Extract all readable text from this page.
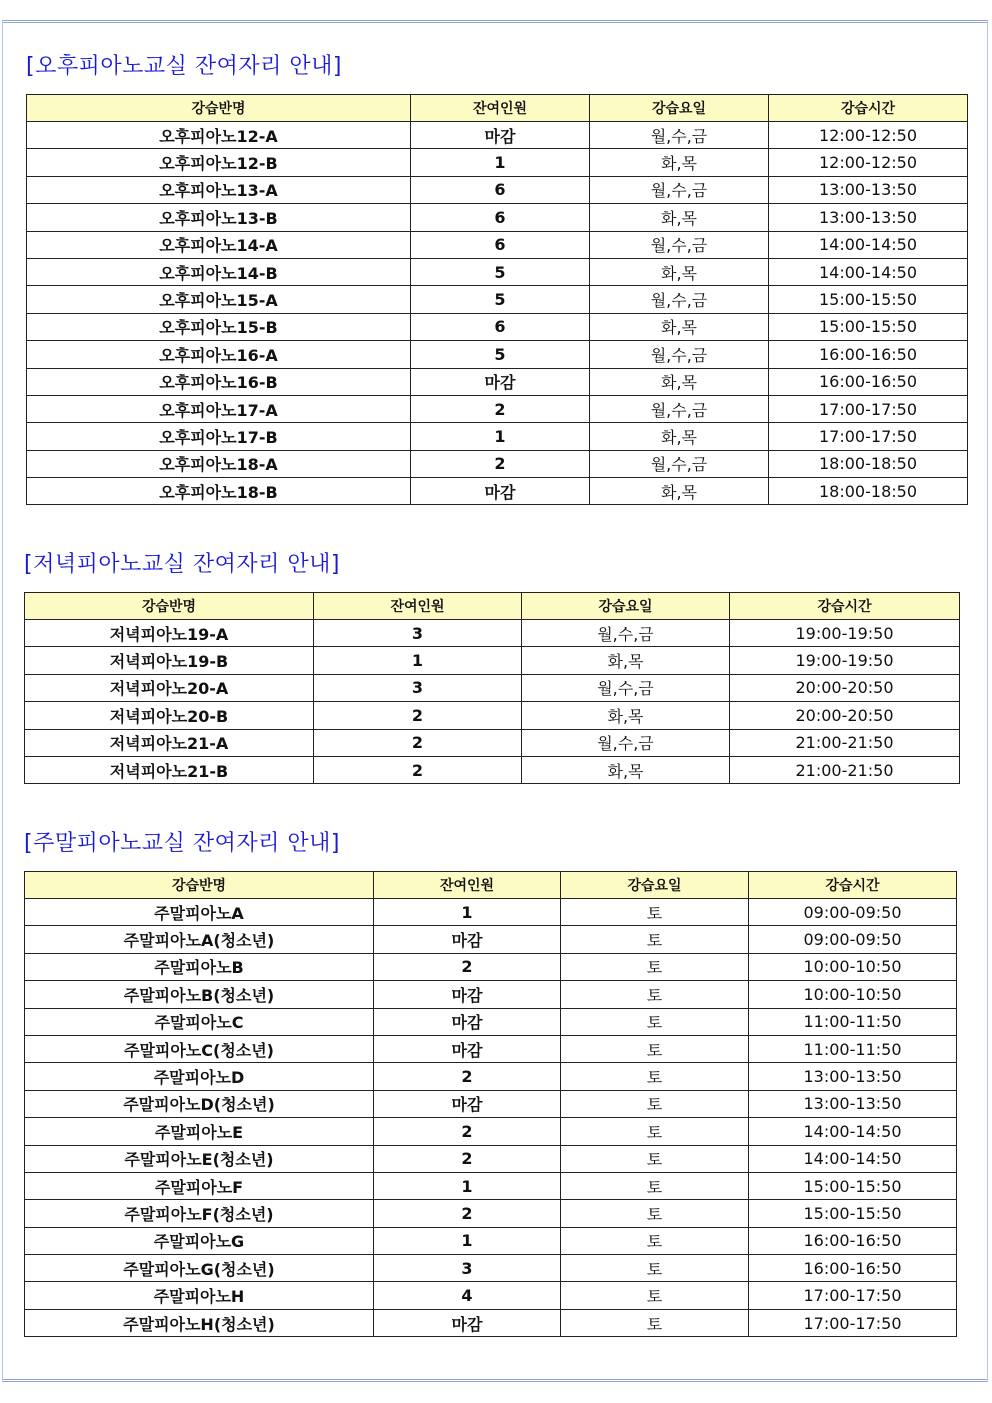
[오후피아노교실 잔여자리 안내]
강습반명	잔여인원	강습요일	강습시간
오후피아노12-A	마감	월,수,금	12:00-12:50
오후피아노12-B	1	화,목	12:00-12:50
오후피아노13-A	6	월,수,금	13:00-13:50
오후피아노13-B	6	화,목	13:00-13:50
오후피아노14-A	6	월,수,금	14:00-14:50
오후피아노14-B	5	화,목	14:00-14:50
오후피아노15-A	5	월,수,금	15:00-15:50
오후피아노15-B	6	화,목	15:00-15:50
오후피아노16-A	5	월,수,금	16:00-16:50
오후피아노16-B	마감	화,목	16:00-16:50
오후피아노17-A	2	월,수,금	17:00-17:50
오후피아노17-B	1	화,목	17:00-17:50
오후피아노18-A	2	월,수,금	18:00-18:50
오후피아노18-B	마감	화,목	18:00-18:50
[저녁피아노교실 잔여자리 안내]
강습반명	잔여인원	강습요일	강습시간
저녁피아노19-A	3	월,수,금	19:00-19:50
저녁피아노19-B	1	화,목	19:00-19:50
저녁피아노20-A	3	월,수,금	20:00-20:50
저녁피아노20-B	2	화,목	20:00-20:50
저녁피아노21-A	2	월,수,금	21:00-21:50
저녁피아노21-B	2	화,목	21:00-21:50
[주말피아노교실 잔여자리 안내]
강습반명	잔여인원	강습요일	강습시간
주말피아노A	1	토	09:00-09:50
주말피아노A(청소년)	마감	토	09:00-09:50
주말피아노B	2	토	10:00-10:50
주말피아노B(청소년)	마감	토	10:00-10:50
주말피아노C	마감	토	11:00-11:50
주말피아노C(청소년)	마감	토	11:00-11:50
주말피아노D	2	토	13:00-13:50
주말피아노D(청소년)	마감	토	13:00-13:50
주말피아노E	2	토	14:00-14:50
주말피아노E(청소년)	2	토	14:00-14:50
주말피아노F	1	토	15:00-15:50
주말피아노F(청소년)	2	토	15:00-15:50
주말피아노G	1	토	16:00-16:50
주말피아노G(청소년)	3	토	16:00-16:50
주말피아노H	4	토	17:00-17:50
주말피아노H(청소년)	마감	토	17:00-17:50
